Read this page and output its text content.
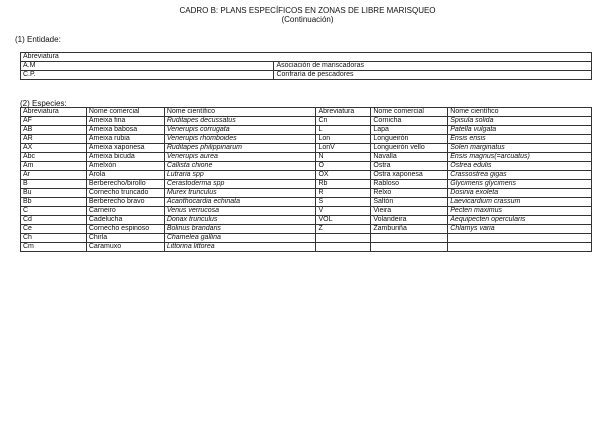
CADRO B: PLANS ESPECÍFICOS EN ZONAS DE LIBRE MARISQUEO
(Continuación)
(1) Entidade:
Abreviatura	
A.M	Asociación de mariscadoras
C.P.	Confraría de pescadores
(2) Especies:
Abreviatura	Nome comercial	Nome científico	Abreviatura	Nome comercial	Nome científico
AF	Ameixa fina	Ruditapes decussatus	Cn	Cornicha	Spisula solida
AB	Ameixa babosa	Venerupis corrugata	L	Lapa	Patella vulgata
AR	Ameixa rubia	Venerupis rhomboides	Lon	Longueirón	Ensis ensis
AX	Ameixa xaponesa	Ruditapes philippinarum	LonV	Longueirón vello	Solen marginatus
Abc	Ameixa bicuda	Venerupis aurea	N	Navalla	Ensis magnus(=arcuatus)
Am	Amelxón	Callista chione	O	Ostra	Ostrea edulis
Ar	Arola	Lutraria spp	OX	Ostra xaponesa	Crassostrea gigas
B	Berberecho/birollo	Cerastoderma spp	Rb	Rabloso	Glycimeris glycimeris
Bu	Cornecho truncado	Murex trunculus	R	Relxo	Dosinia exoleta
Bb	Berberecho bravo	Acanthocardia echinata	S	Saltón	Laevicardium crassum
C	Carneiro	Venus verrucosa	V	Vieira	Pecten maximus
Cd	Cadelucha	Donax trunculus	VOL	Volandeira	Aequipecten opercularis
Ce	Cornecho espinoso	Bolinus brandaris	Z	Zamburiña	Chlamys varia
Ch	Chirla	Chamelea gallina			
Cm	Caramuxo	Littorina littorea			
